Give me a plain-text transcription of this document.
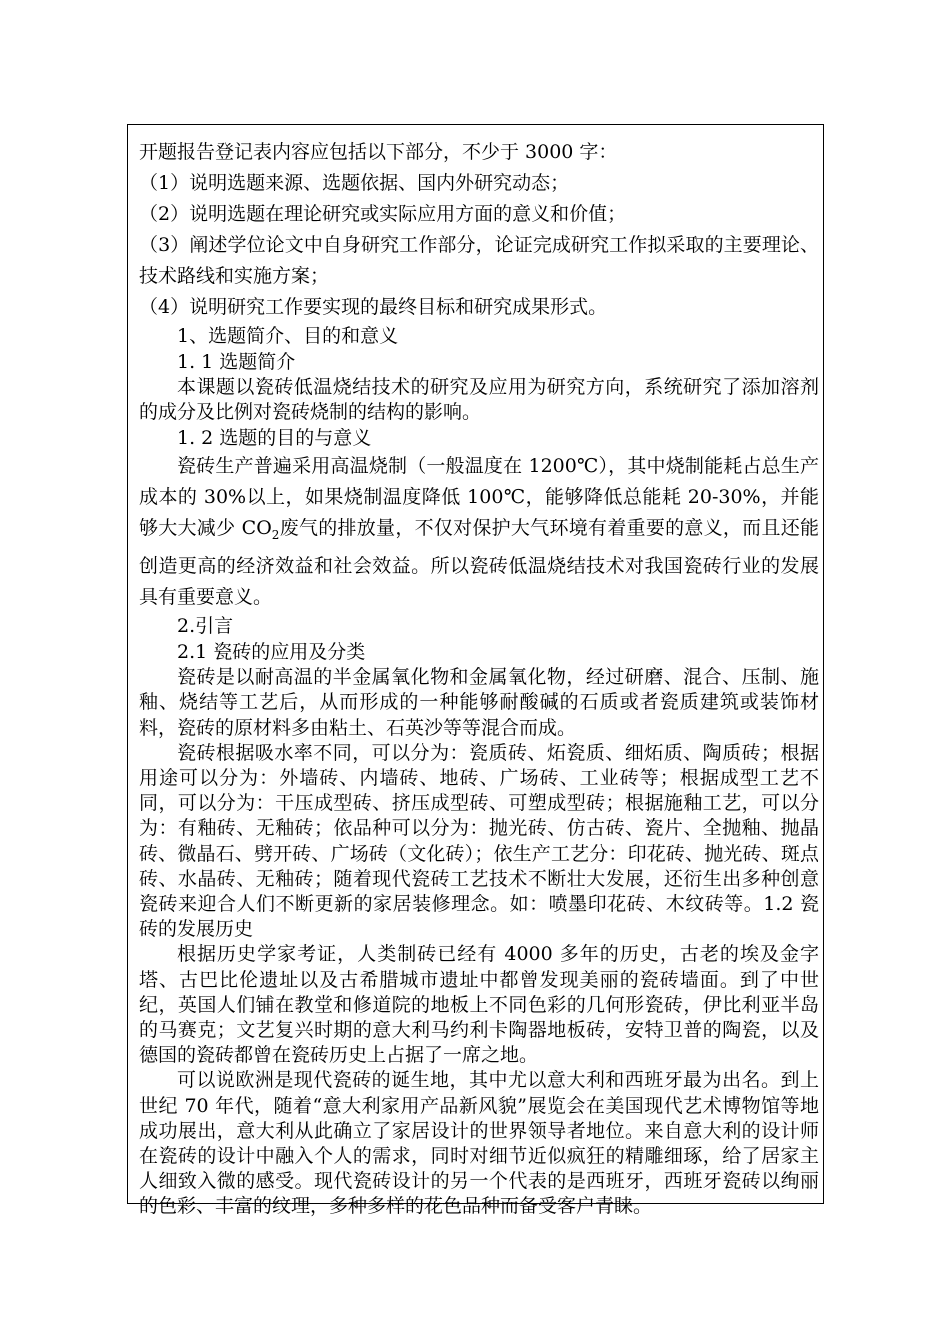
开题报告登记表内容应包括以下部分，不少于 3000 字：

（1）说明选题来源、选题依据、国内外研究动态；

（2）说明选题在理论研究或实际应用方面的意义和价值；

（3）阐述学位论文中自身研究工作部分，论证完成研究工作拟采取的主要理论、技术路线和实施方案；

（4）说明研究工作要实现的最终目标和研究成果形式。

1、选题简介、目的和意义

1. 1 选题简介

本课题以瓷砖低温烧结技术的研究及应用为研究方向，系统研究了添加溶剂的成分及比例对瓷砖烧制的结构的影响。

1. 2 选题的目的与意义

瓷砖生产普遍采用高温烧制（一般温度在 1200℃），其中烧制能耗占总生产成本的 30%以上，如果烧制温度降低 100℃，能够降低总能耗 20-30%，并能够大大减少 $CO_2$废气的排放量，不仅对保护大气环境有着重要的意义，而且还能创造更高的经济效益和社会效益。所以瓷砖低温烧结技术对我国瓷砖行业的发展具有重要意义。

2.引言

2.1 瓷砖的应用及分类

瓷砖是以耐高温的半金属氧化物和金属氧化物，经过研磨、混合、压制、施釉、烧结等工艺后，从而形成的一种能够耐酸碱的石质或者瓷质建筑或装饰材料，瓷砖的原材料多由粘土、石英沙等等混合而成。

瓷砖根据吸水率不同，可以分为：瓷质砖、炻瓷质、细炻质、陶质砖；根据用途可以分为：外墙砖、内墙砖、地砖、广场砖、工业砖等；根据成型工艺不同，可以分为：干压成型砖、挤压成型砖、可塑成型砖；根据施釉工艺，可以分为：有釉砖、无釉砖；依品种可以分为：抛光砖、仿古砖、瓷片、全抛釉、抛晶砖、微晶石、劈开砖、广场砖（文化砖）；依生产工艺分：印花砖、抛光砖、斑点砖、水晶砖、无釉砖；随着现代瓷砖工艺技术不断壮大发展，还衍生出多种创意瓷砖来迎合人们不断更新的家居装修理念。如：喷墨印花砖、木纹砖等。1.2 瓷砖的发展历史

根据历史学家考证，人类制砖已经有 4000 多年的历史，古老的埃及金字塔、古巴比伦遗址以及古希腊城市遗址中都曾发现美丽的瓷砖墙面。到了中世纪，英国人们铺在教堂和修道院的地板上不同色彩的几何形瓷砖，伊比利亚半岛的马赛克；文艺复兴时期的意大利马约利卡陶器地板砖，安特卫普的陶瓷，以及德国的瓷砖都曾在瓷砖历史上占据了一席之地。

可以说欧洲是现代瓷砖的诞生地，其中尤以意大利和西班牙最为出名。到上世纪 70 年代，随着“意大利家用产品新风貌”展览会在美国现代艺术博物馆等地成功展出，意大利从此确立了家居设计的世界领导者地位。来自意大利的设计师在瓷砖的设计中融入个人的需求，同时对细节近似疯狂的精雕细琢，给了居家主人细致入微的感受。现代瓷砖设计的另一个代表的是西班牙，西班牙瓷砖以绚丽的色彩、丰富的纹理，多种多样的花色品种而备受客户青睐。
